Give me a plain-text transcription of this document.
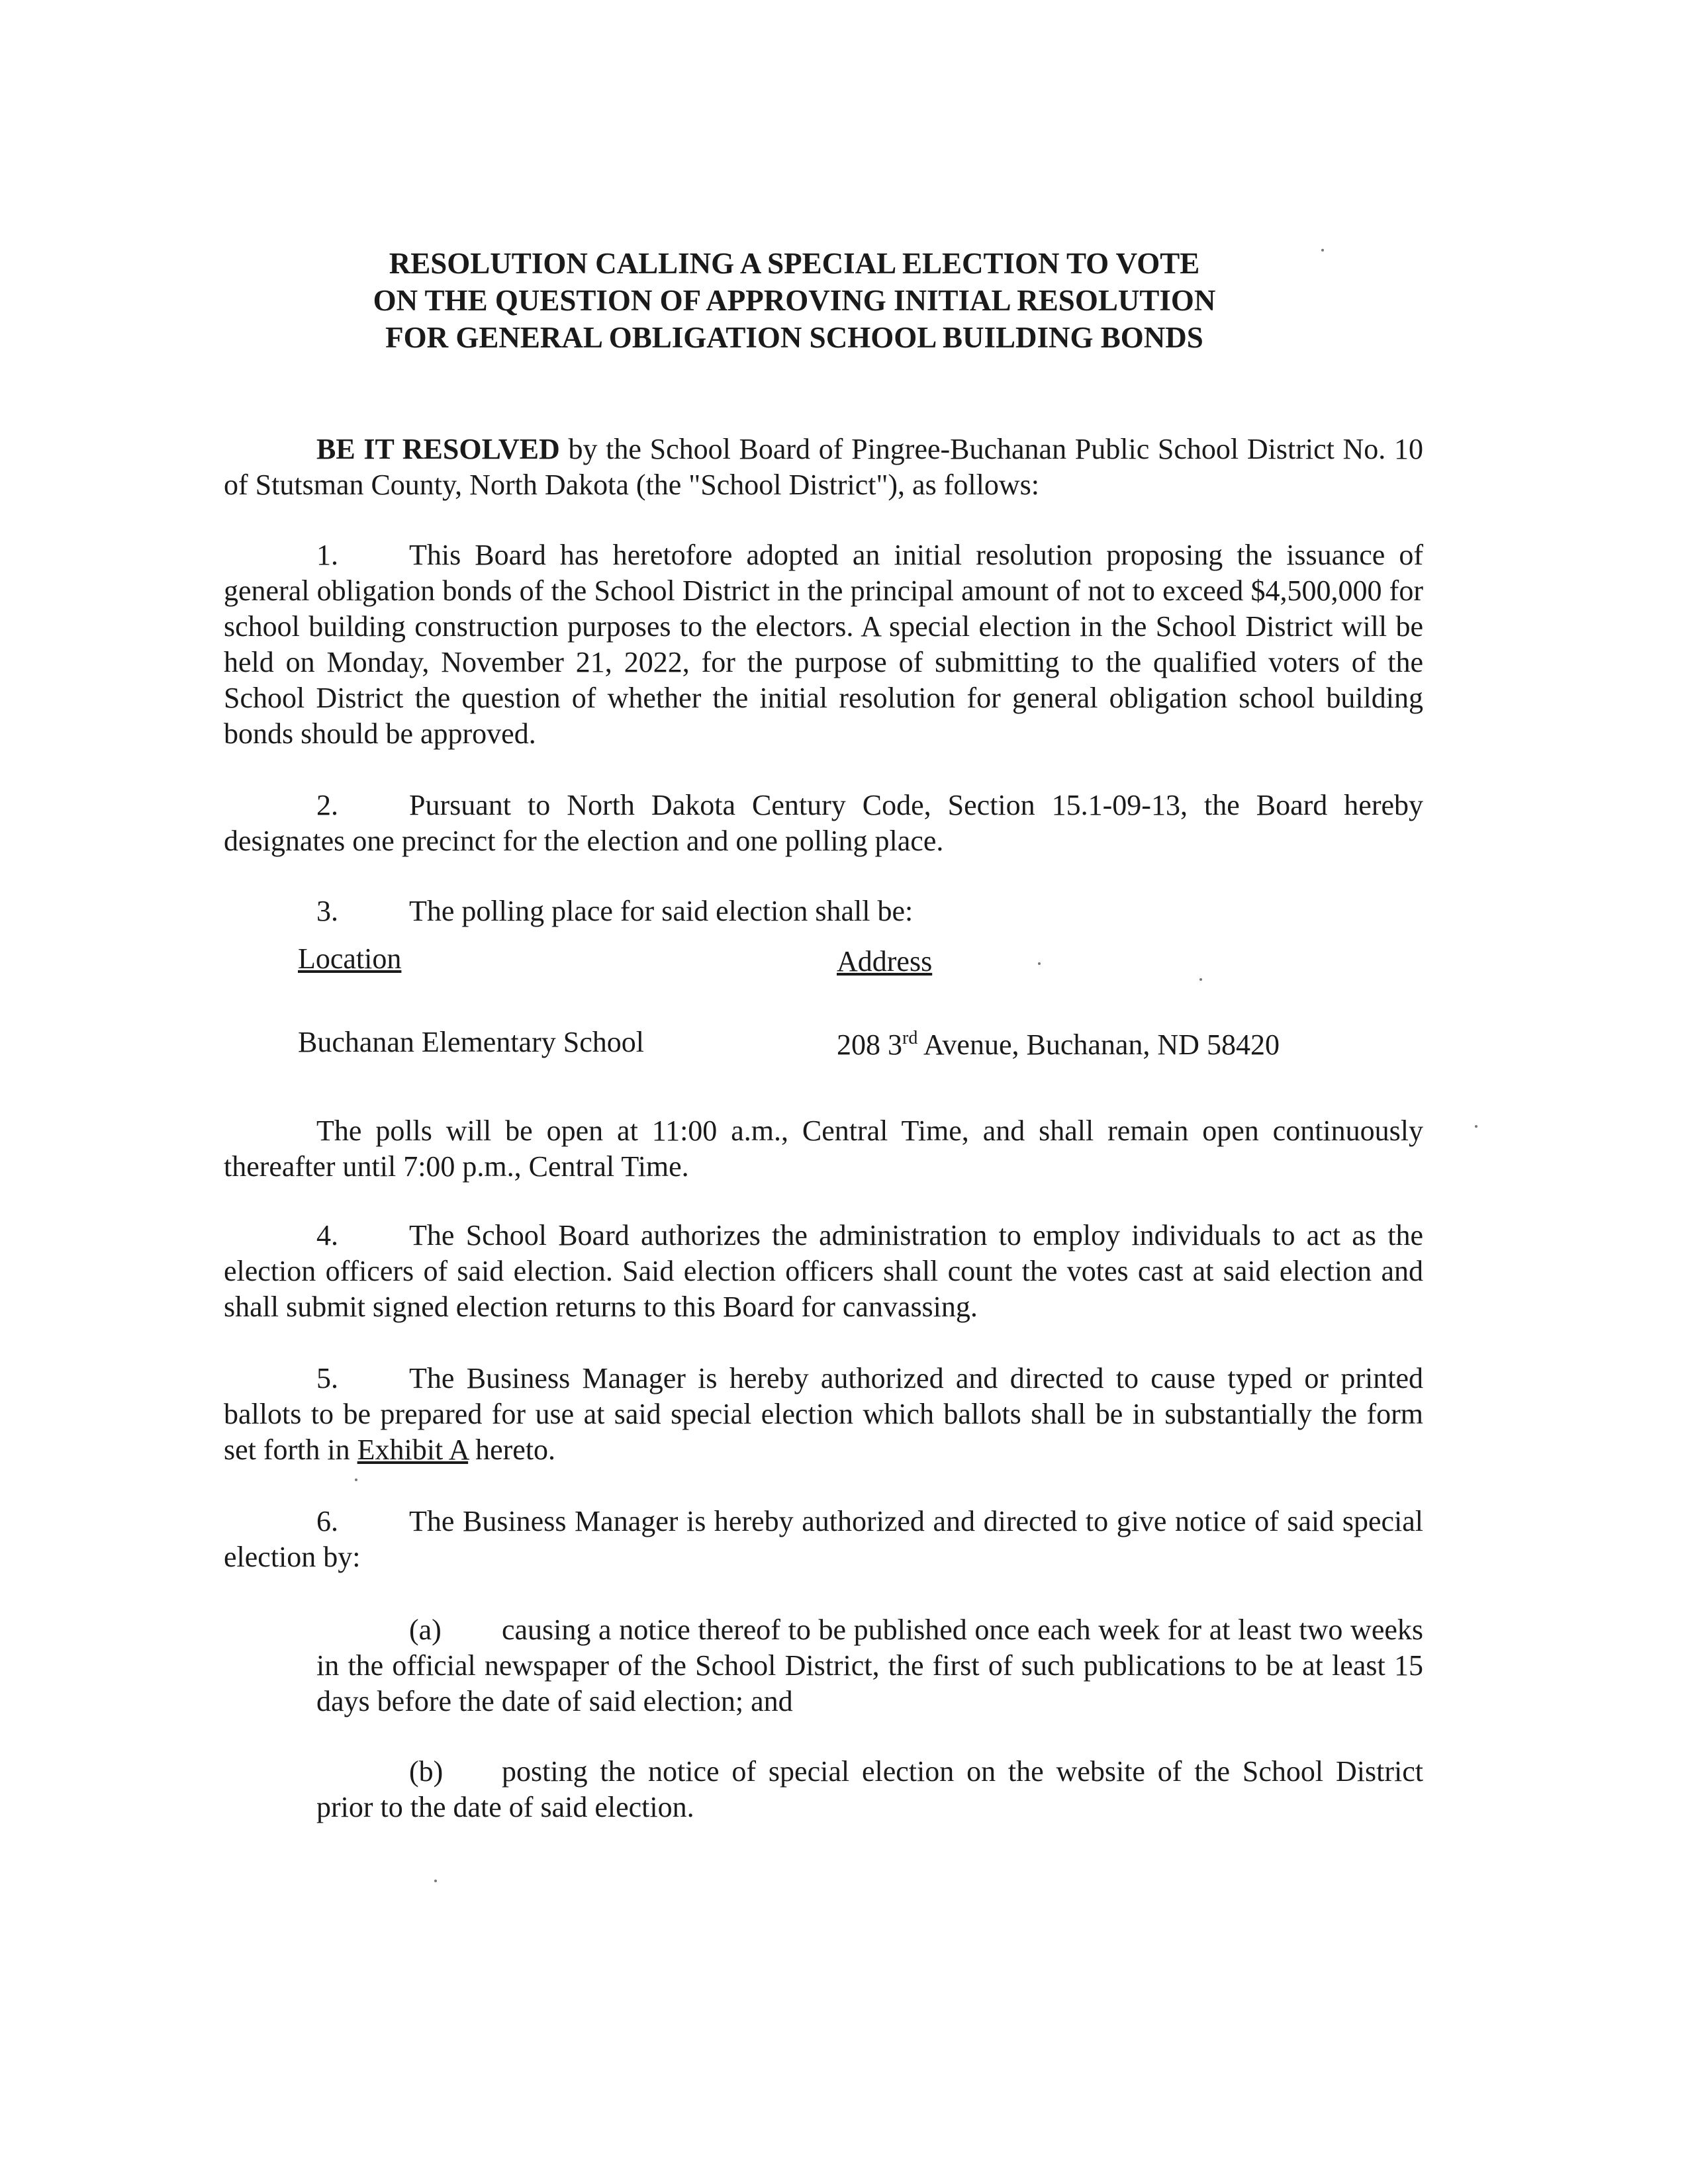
RESOLUTION CALLING A SPECIAL ELECTION TO VOTE
ON THE QUESTION OF APPROVING INITIAL RESOLUTION
FOR GENERAL OBLIGATION SCHOOL BUILDING BONDS
BE IT RESOLVED by the School Board of Pingree-Buchanan Public School District No. 10 of Stutsman County, North Dakota (the "School District"), as follows:
1. This Board has heretofore adopted an initial resolution proposing the issuance of general obligation bonds of the School District in the principal amount of not to exceed $4,500,000 for school building construction purposes to the electors. A special election in the School District will be held on Monday, November 21, 2022, for the purpose of submitting to the qualified voters of the School District the question of whether the initial resolution for general obligation school building bonds should be approved.
2. Pursuant to North Dakota Century Code, Section 15.1-09-13, the Board hereby designates one precinct for the election and one polling place.
3. The polling place for said election shall be:
Location	Address
Buchanan Elementary School	208 3rd Avenue, Buchanan, ND 58420
The polls will be open at 11:00 a.m., Central Time, and shall remain open continuously thereafter until 7:00 p.m., Central Time.
4. The School Board authorizes the administration to employ individuals to act as the election officers of said election. Said election officers shall count the votes cast at said election and shall submit signed election returns to this Board for canvassing.
5. The Business Manager is hereby authorized and directed to cause typed or printed ballots to be prepared for use at said special election which ballots shall be in substantially the form set forth in Exhibit A hereto.
6. The Business Manager is hereby authorized and directed to give notice of said special election by:
(a) causing a notice thereof to be published once each week for at least two weeks in the official newspaper of the School District, the first of such publications to be at least 15 days before the date of said election; and
(b) posting the notice of special election on the website of the School District prior to the date of said election.
